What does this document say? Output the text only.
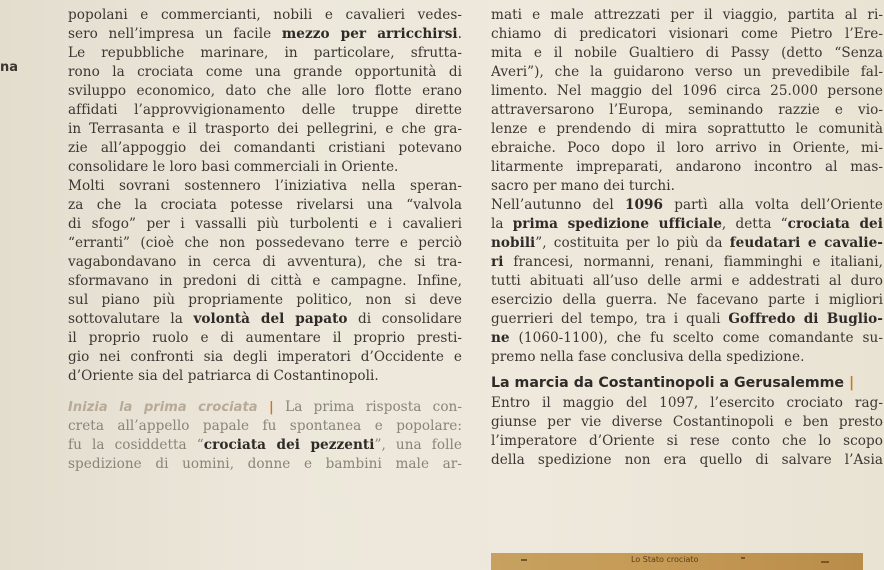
na
popolani e commercianti, nobili e cavalieri vedes-
sero nell’impresa un facile mezzo per arricchirsi.
Le repubbliche marinare, in particolare, sfrutta-
rono la crociata come una grande opportunità di
sviluppo economico, dato che alle loro flotte erano
affidati l’approvvigionamento delle truppe dirette
in Terrasanta e il trasporto dei pellegrini, e che gra-
zie all’appoggio dei comandanti cristiani potevano
consolidare le loro basi commerciali in Oriente.
Molti sovrani sostennero l’iniziativa nella speran-
za che la crociata potesse rivelarsi una “valvola
di sfogo” per i vassalli più turbolenti e i cavalieri
“erranti” (cioè che non possedevano terre e perciò
vagabondavano in cerca di avventura), che si tra-
sformavano in predoni di città e campagne. Infine,
sul piano più propriamente politico, non si deve
sottovalutare la volontà del papato di consolidare
il proprio ruolo e di aumentare il proprio presti-
gio nei confronti sia degli imperatori d’Occidente e
d’Oriente sia del patriarca di Costantinopoli.
Inizia la prima crociata | La prima risposta con-
creta all’appello papale fu spontanea e popolare:
fu la cosiddetta “crociata dei pezzenti”, una folle
spedizione di uomini, donne e bambini male ar-
mati e male attrezzati per il viaggio, partita al ri-
chiamo di predicatori visionari come Pietro l’Ere-
mita e il nobile Gualtiero di Passy (detto “Senza
Averi”), che la guidarono verso un prevedibile fal-
limento. Nel maggio del 1096 circa 25.000 persone
attraversarono l’Europa, seminando razzie e vio-
lenze e prendendo di mira soprattutto le comunità
ebraiche. Poco dopo il loro arrivo in Oriente, mi-
litarmente impreparati, andarono incontro al mas-
sacro per mano dei turchi.
Nell’autunno del 1096 partì alla volta dell’Oriente
la prima spedizione ufficiale, detta “crociata dei
nobili”, costituita per lo più da feudatari e cavalie-
ri francesi, normanni, renani, fiamminghi e italiani,
tutti abituati all’uso delle armi e addestrati al duro
esercizio della guerra. Ne facevano parte i migliori
guerrieri del tempo, tra i quali Goffredo di Buglio-
ne (1060-1100), che fu scelto come comandante su-
premo nella fase conclusiva della spedizione.
La marcia da Costantinopoli a Gerusalemme |
Entro il maggio del 1097, l’esercito crociato rag-
giunse per vie diverse Costantinopoli e ben presto
l’imperatore d’Oriente si rese conto che lo scopo
della spedizione non era quello di salvare l’Asia
Lo Stato crociato
